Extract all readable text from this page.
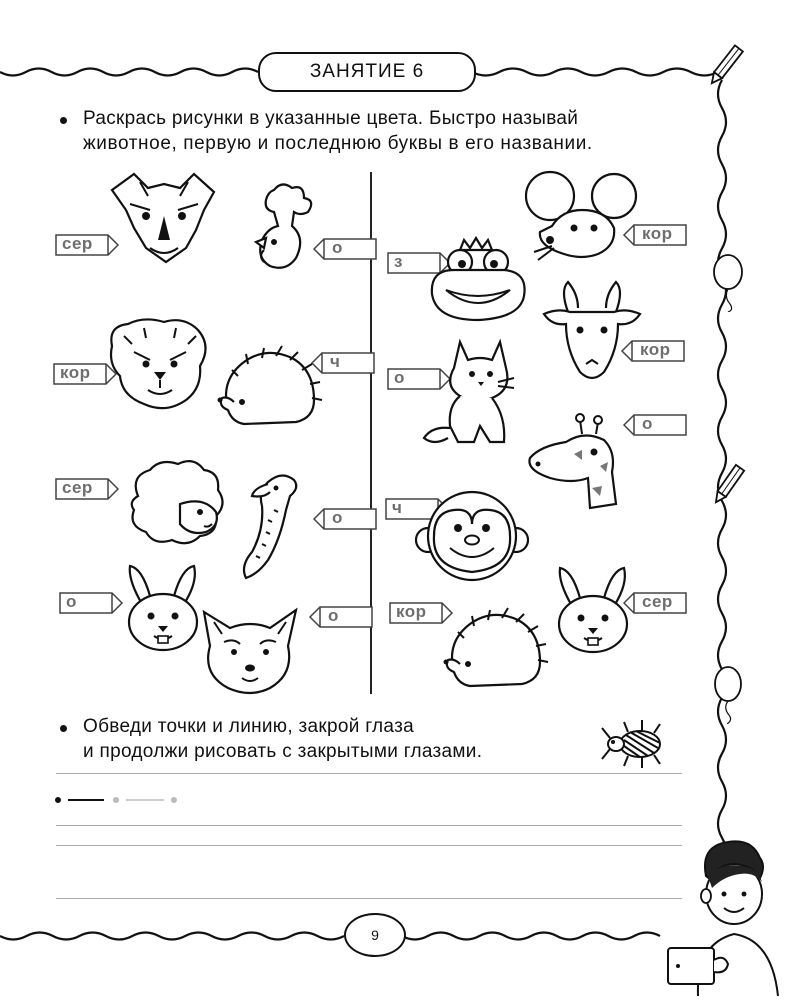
ЗАНЯТИЕ 6
Раскрась рисунки в указанные цвета. Быстро называй
животное, первую и последнюю буквы в его названии.
сер	о
кор
ч
сер
о
о
о
з
кор
кор
о
о
ч
кор
сер
Обведи точки и линию, закрой глаза
и продолжи рисовать с закрытыми глазами.
9
